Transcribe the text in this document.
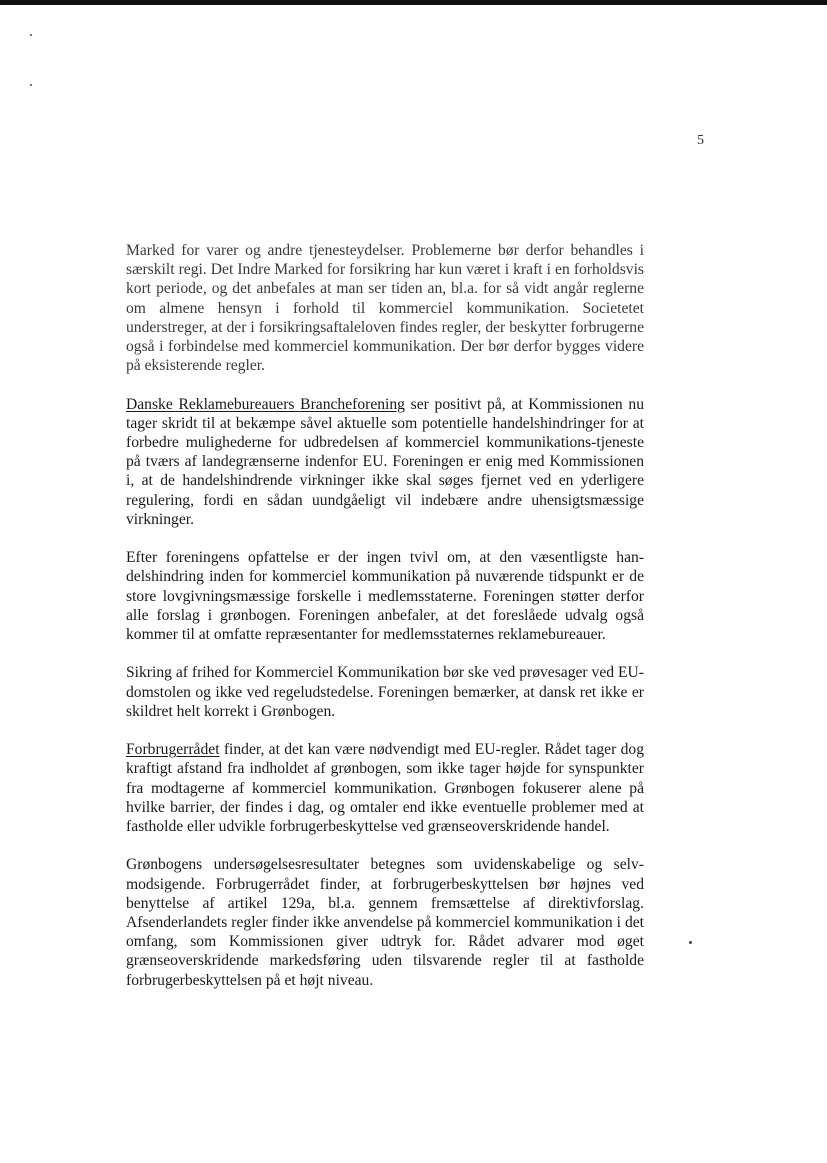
5

Marked for varer og andre tjenesteydelser. Problemerne bør derfor behandles i særskilt regi. Det Indre Marked for forsikring har kun været i kraft i en forholdsvis kort periode, og det anbefales at man ser tiden an, bl.a. for så vidt angår reglerne om almene hensyn i forhold til kommerciel kommunikation. Societetet understreger, at der i forsikringsaftaleloven findes regler, der beskytter forbrugerne også i forbindelse med kommerciel kommunikation. Der bør derfor bygges videre på eksisterende regler.

Danske Reklamebureauers Brancheforening ser positivt på, at Kommissionen nu tager skridt til at bekæmpe såvel aktuelle som potentielle handelshindringer for at forbedre mulighederne for udbredelsen af kommerciel kommunikations-tjeneste på tværs af landegrænserne indenfor EU. Foreningen er enig med Kommissionen i, at de handelshindrende virkninger ikke skal søges fjernet ved en yderligere regulering, fordi en sådan uundgåeligt vil indebære andre uhensigtsmæssige virkninger.

Efter foreningens opfattelse er der ingen tvivl om, at den væsentligste handelshindring inden for kommerciel kommunikation på nuværende tidspunkt er de store lovgivningsmæssige forskelle i medlemsstaterne. Foreningen støtter derfor alle forslag i grønbogen. Foreningen anbefaler, at det foreslåede udvalg også kommer til at omfatte repræsentanter for medlemsstaternes reklamebureauer.

Sikring af frihed for Kommerciel Kommunikation bør ske ved prøvesager ved EU-domstolen og ikke ved regeludstedelse. Foreningen bemærker, at dansk ret ikke er skildret helt korrekt i Grønbogen.

Forbrugerrådet finder, at det kan være nødvendigt med EU-regler. Rådet tager dog kraftigt afstand fra indholdet af grønbogen, som ikke tager højde for synspunkter fra modtagerne af kommerciel kommunikation. Grønbogen fokuserer alene på hvilke barrier, der findes i dag, og omtaler end ikke eventuelle problemer med at fastholde eller udvikle forbrugerbeskyttelse ved grænseoverskridende handel.

Grønbogens undersøgelsesresultater betegnes som uvidenskabelige og selvmodsigende. Forbrugerrådet finder, at forbrugerbeskyttelsen bør højnes ved benyttelse af artikel 129a, bl.a. gennem fremsættelse af direktivforslag. Afsenderlandets regler finder ikke anvendelse på kommerciel kommunikation i det omfang, som Kommissionen giver udtryk for. Rådet advarer mod øget grænseoverskridende markedsføring uden tilsvarende regler til at fastholde forbrugerbeskyttelsen på et højt niveau.
